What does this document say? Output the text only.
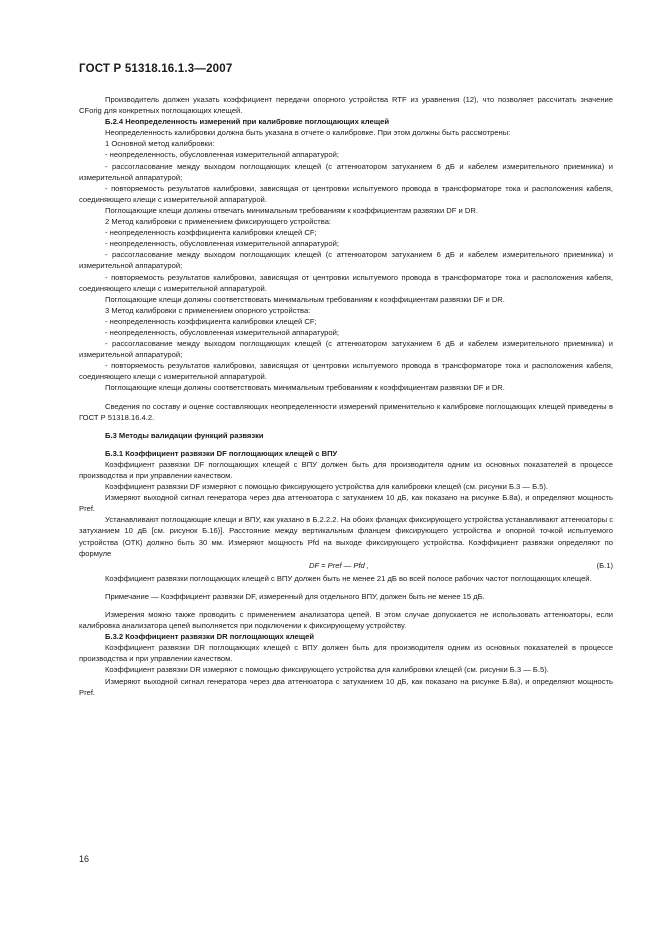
ГОСТ Р 51318.16.1.3—2007

Производитель должен указать коэффициент передачи опорного устройства RTF из уравнения (12), что позволяет рассчитать значение CForig для конкретных поглощающих клещей.

Б.2.4 Неопределенность измерений при калибровке поглощающих клещей

Неопределенность калибровки должна быть указана в отчете о калибровке. При этом должны быть рассмотрены:

1 Основной метод калибровки:

- неопределенность, обусловленная измерительной аппаратурой;

- рассогласование между выходом поглощающих клещей (с аттенюатором затуханием 6 дБ и кабелем измерительного приемника) и измерительной аппаратурой;

- повторяемость результатов калибровки, зависящая от центровки испытуемого провода в трансформаторе тока и расположения кабеля, соединяющего клещи с измерительной аппаратурой.

Поглощающие клещи должны отвечать минимальным требованиям к коэффициентам развязки DF и DR.

2 Метод калибровки с применением фиксирующего устройства:

- неопределенность коэффициента калибровки клещей CF;

- неопределенность, обусловленная измерительной аппаратурой;

- рассогласование между выходом поглощающих клещей (с аттенюатором затуханием 6 дБ и кабелем измерительного приемника) и измерительной аппаратурой;

- повторяемость результатов калибровки, зависящая от центровки испытуемого провода в трансформаторе тока и расположения кабеля, соединяющего клещи с измерительной аппаратурой.

Поглощающие клещи должны соответствовать минимальным требованиям к коэффициентам развязки DF и DR.

3 Метод калибровки с применением опорного устройства:

- неопределенность коэффициента калибровки клещей CF;

- неопределенность, обусловленная измерительной аппаратурой;

- рассогласование между выходом поглощающих клещей (с аттенюатором затуханием 6 дБ и кабелем измерительного приемника) и измерительной аппаратурой;

- повторяемость результатов калибровки, зависящая от центровки испытуемого провода в трансформаторе тока и расположения кабеля, соединяющего клещи с измерительной аппаратурой.

Поглощающие клещи должны соответствовать минимальным требованиям к коэффициентам развязки DF и DR.

Сведения по составу и оценке составляющих неопределенности измерений применительно к калибровке поглощающих клещей приведены в ГОСТ Р 51318.16.4.2.

Б.3 Методы валидации функций развязки

Б.3.1 Коэффициент развязки DF поглощающих клещей с ВПУ

Коэффициент развязки DF поглощающих клещей с ВПУ должен быть для производителя одним из основных показателей в процессе производства и при управлении качеством.

Коэффициент развязки DF измеряют с помощью фиксирующего устройства для калибровки клещей (см. рисунки Б.3 — Б.5).

Измеряют выходной сигнал генератора через два аттенюатора с затуханием 10 дБ, как показано на рисунке Б.8а), и определяют мощность Pref.

Устанавливают поглощающие клещи и ВПУ, как указано в Б.2.2.2. На обоих фланцах фиксирующего устройства устанавливают аттенюаторы с затуханием 10 дБ [см. рисунок Б.16)]. Расстояние между вертикальным фланцем фиксирующего устройства и опорной точкой испытуемого устройства (ОТК) должно быть 30 мм. Измеряют мощность Pfd на выходе фиксирующего устройства. Коэффициент развязки определяют по формуле

DF = Pref — Pfd ,	(Б.1)

Коэффициент развязки поглощающих клещей с ВПУ должен быть не менее 21 дБ во всей полосе рабочих частот поглощающих клещей.

Примечание — Коэффициент развязки DF, измеренный для отдельного ВПУ, должен быть не менее 15 дБ.

Измерения можно также проводить с применением анализатора цепей. В этом случае допускается не использовать аттенюаторы, если калибровка анализатора цепей выполняется при подключении к фиксирующему устройству.

Б.3.2 Коэффициент развязки DR поглощающих клещей

Коэффициент развязки DR поглощающих клещей с ВПУ должен быть для производителя одним из основных показателей в процессе производства и при управлении качеством.

Коэффициент развязки DR измеряют с помощью фиксирующего устройства для калибровки клещей (см. рисунки Б.3 — Б.5).

Измеряют выходной сигнал генератора через два аттенюатора с затуханием 10 дБ, как показано на рисунке Б.8а), и определяют мощность Pref.

16
